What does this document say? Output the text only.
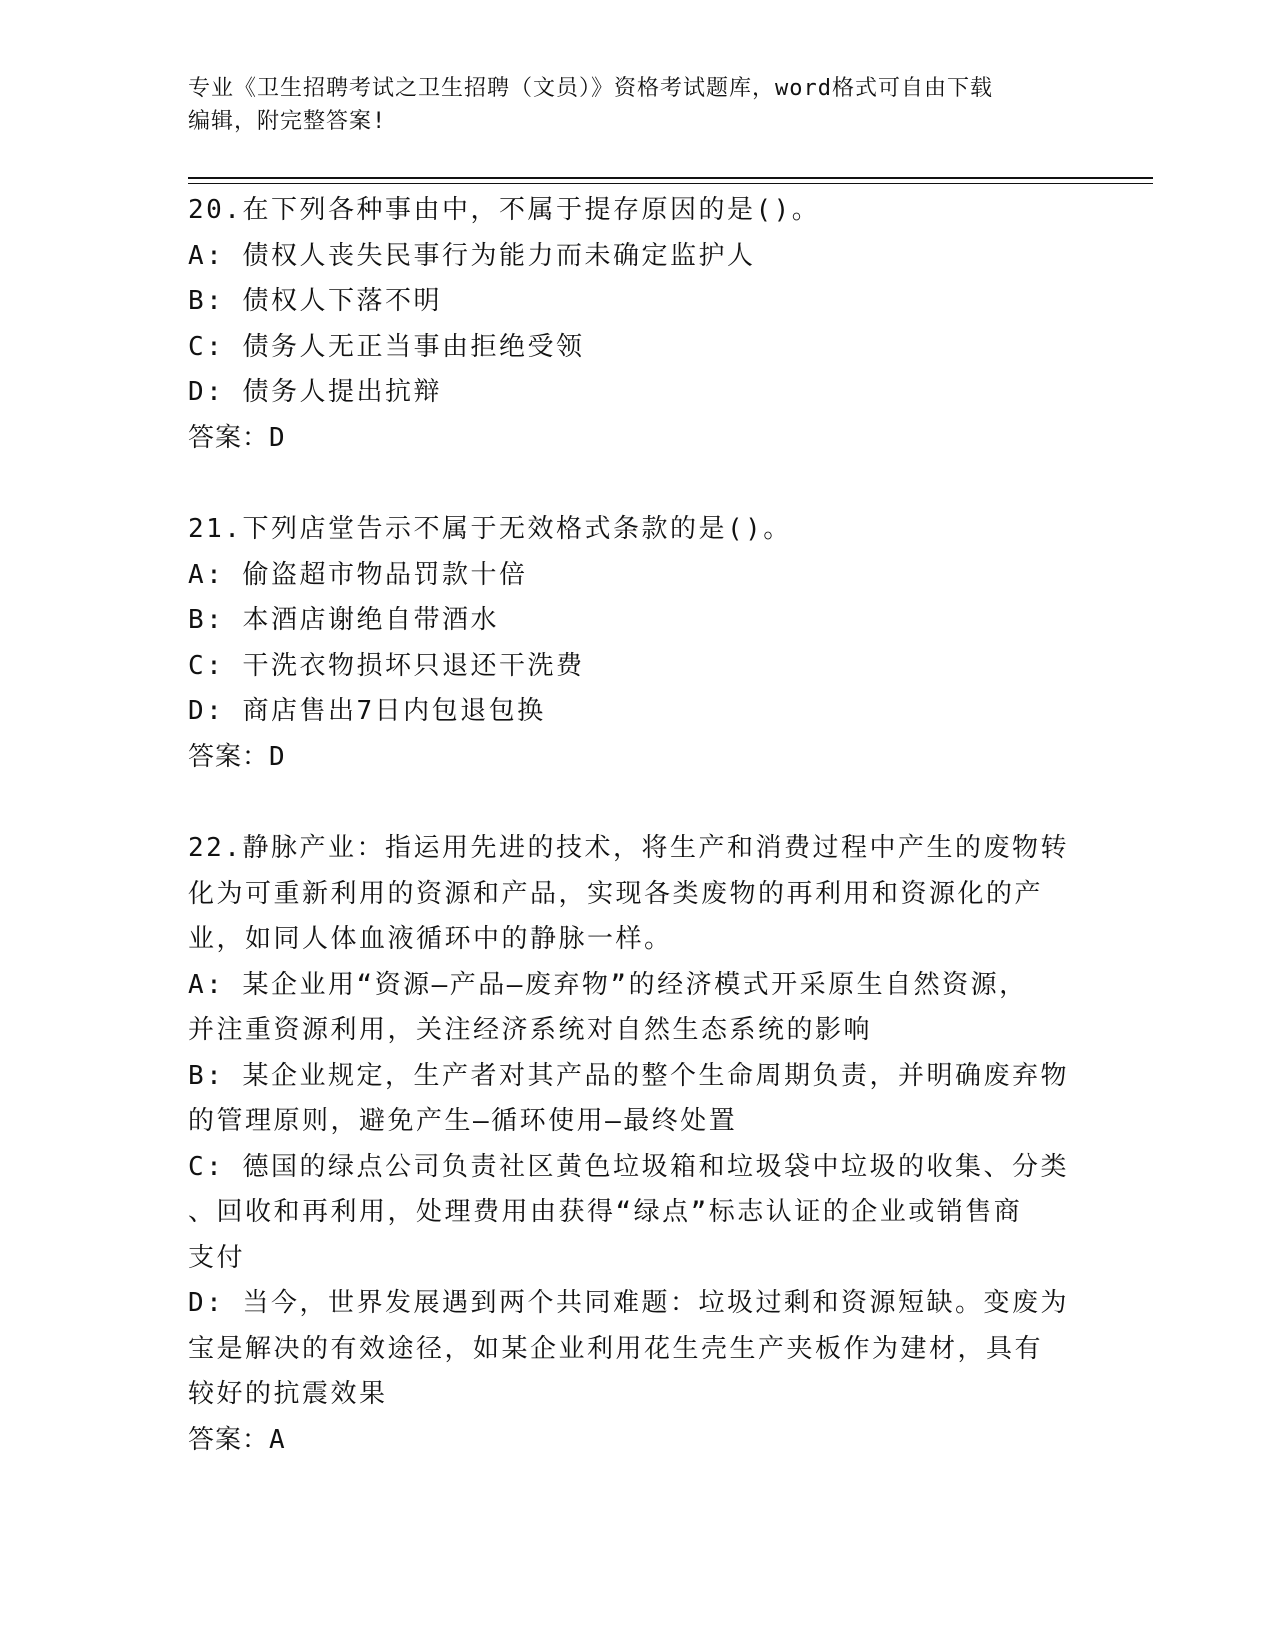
专业《卫生招聘考试之卫生招聘（文员）》资格考试题库，word格式可自由下载
编辑，附完整答案!
20.在下列各种事由中，不属于提存原因的是()。
A: 债权人丧失民事行为能力而未确定监护人
B: 债权人下落不明
C: 债务人无正当事由拒绝受领
D: 债务人提出抗辩
答案：D
21.下列店堂告示不属于无效格式条款的是()。
A: 偷盗超市物品罚款十倍
B: 本酒店谢绝自带酒水
C: 干洗衣物损坏只退还干洗费
D: 商店售出7日内包退包换
答案：D
22.静脉产业：指运用先进的技术，将生产和消费过程中产生的废物转
化为可重新利用的资源和产品，实现各类废物的再利用和资源化的产
业，如同人体血液循环中的静脉一样。
A: 某企业用“资源—产品—废弃物”的经济模式开采原生自然资源，
并注重资源利用，关注经济系统对自然生态系统的影响
B: 某企业规定，生产者对其产品的整个生命周期负责，并明确废弃物
的管理原则，避免产生—循环使用—最终处置
C: 德国的绿点公司负责社区黄色垃圾箱和垃圾袋中垃圾的收集、分类
、回收和再利用，处理费用由获得“绿点”标志认证的企业或销售商
支付
D: 当今，世界发展遇到两个共同难题：垃圾过剩和资源短缺。变废为
宝是解决的有效途径，如某企业利用花生壳生产夹板作为建材，具有
较好的抗震效果
答案：A
